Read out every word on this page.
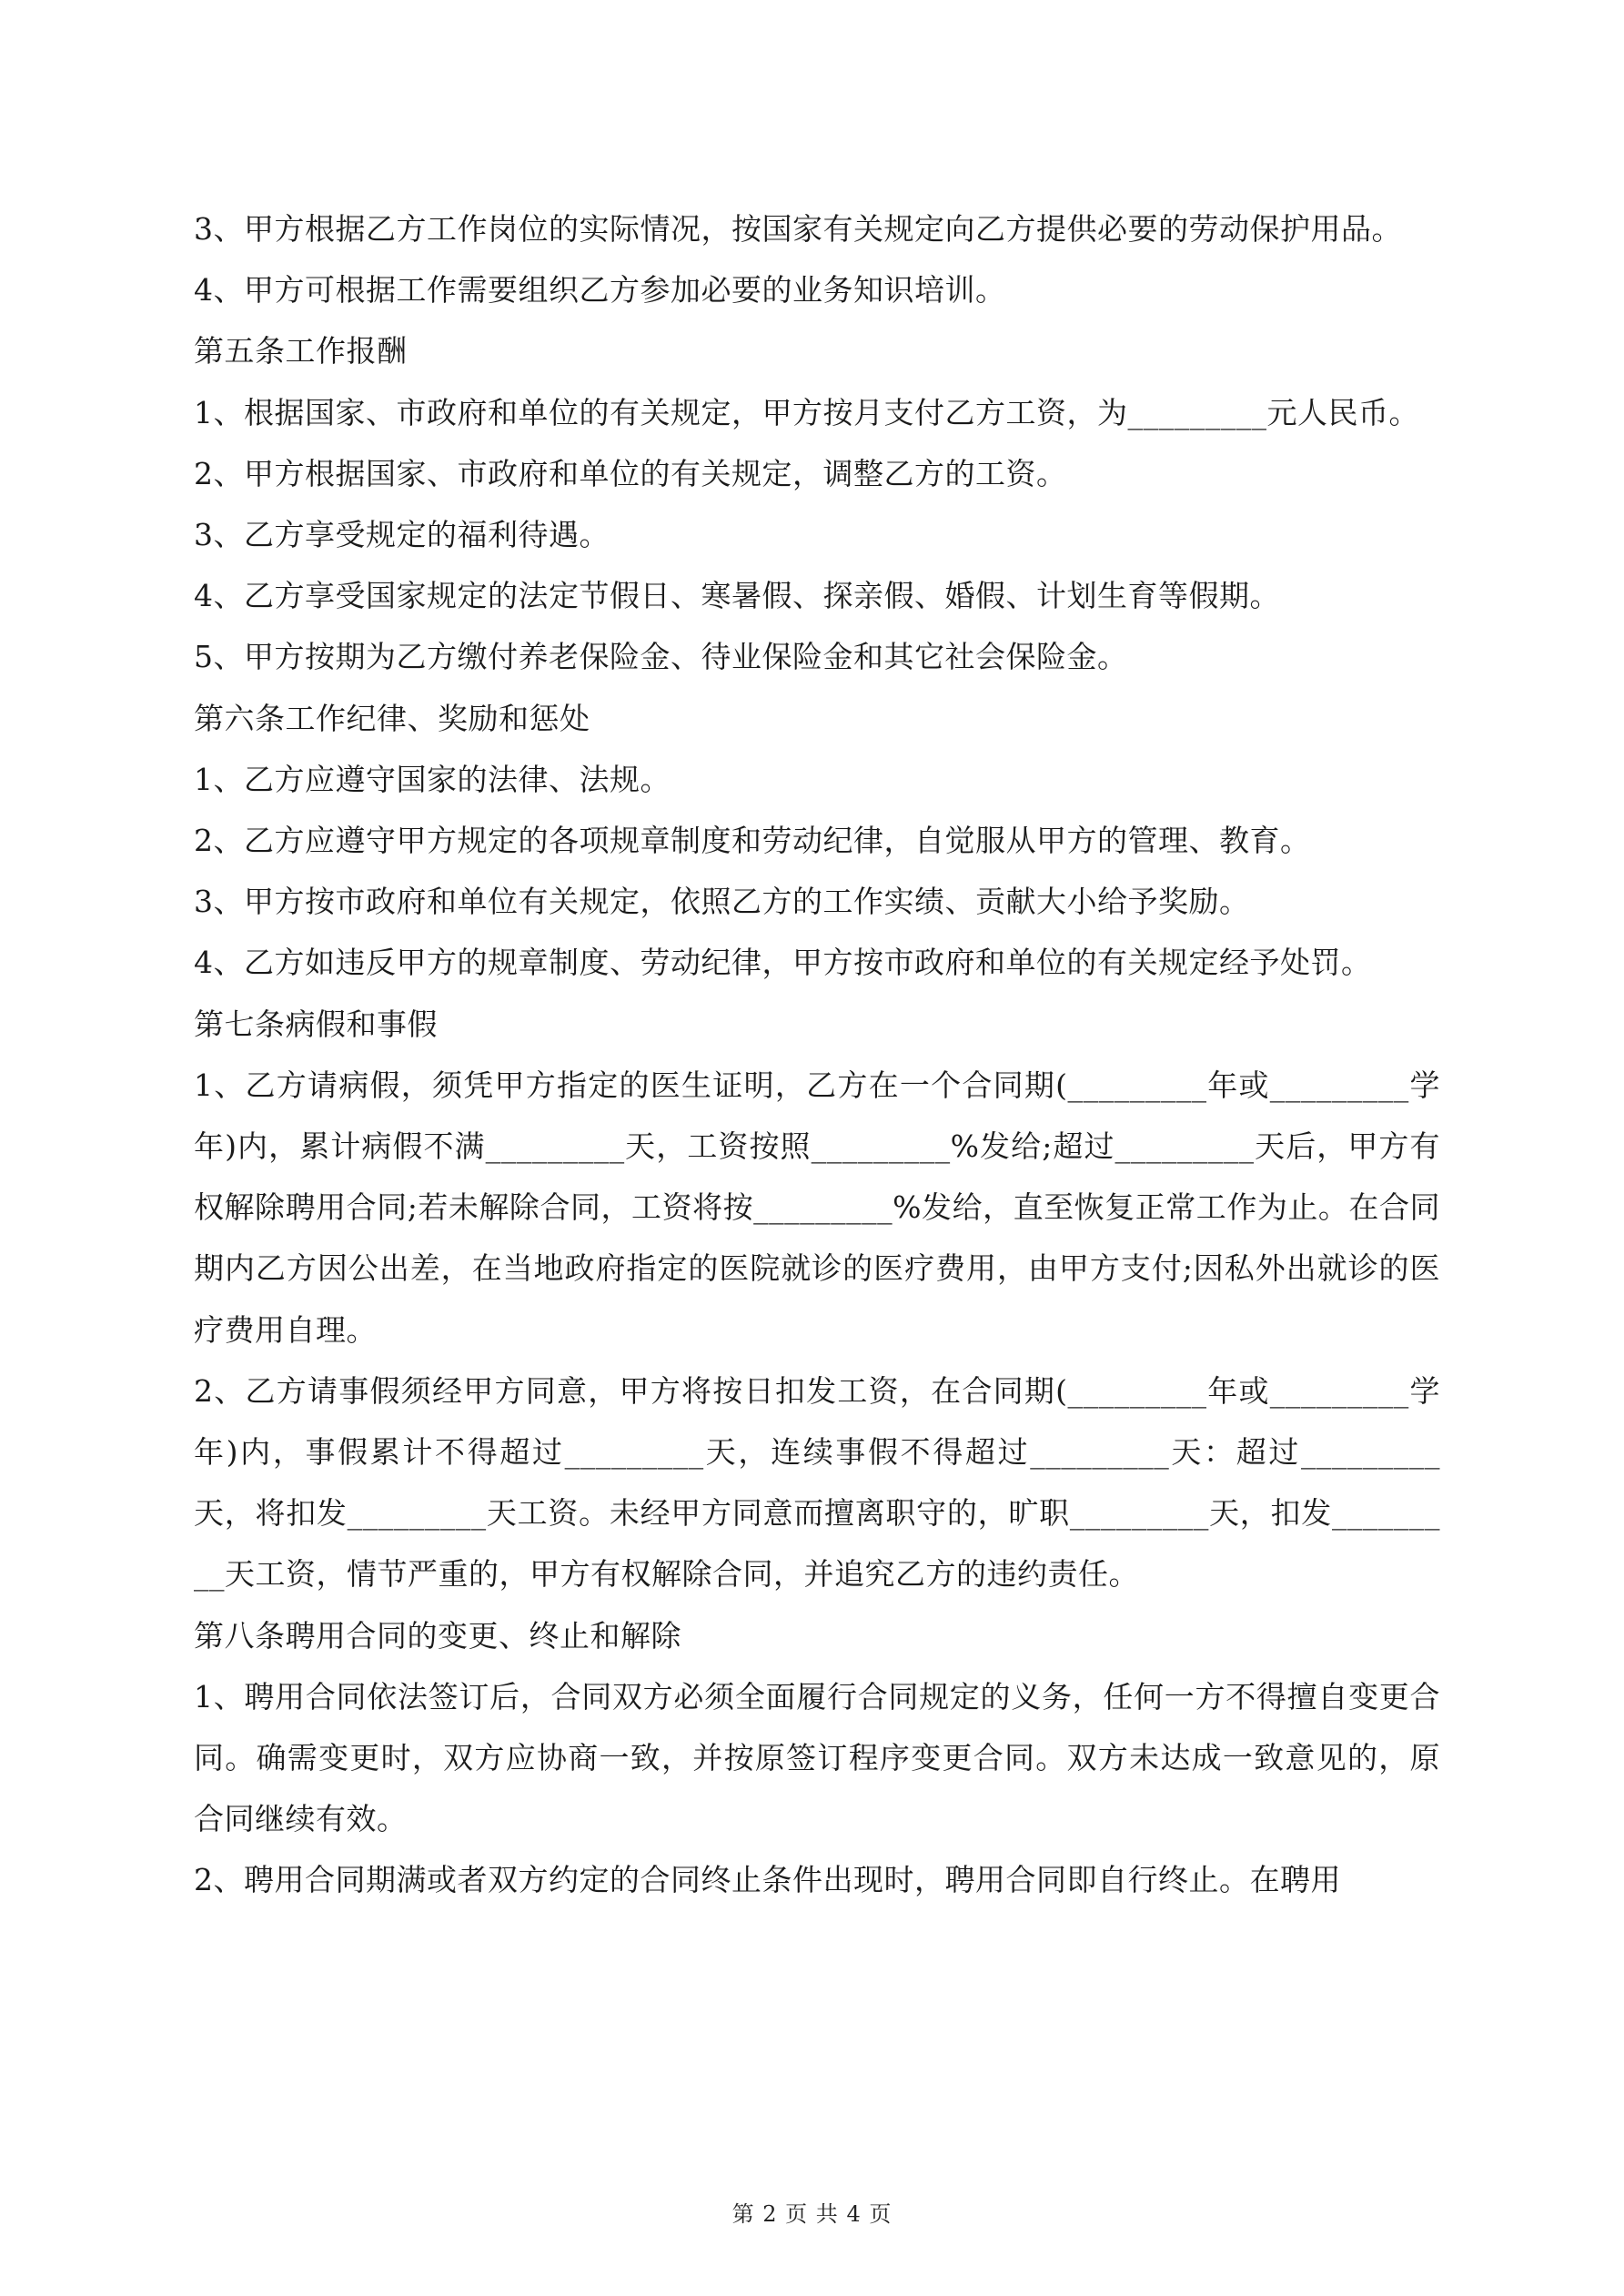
3、甲方根据乙方工作岗位的实际情况，按国家有关规定向乙方提供必要的劳动保护用品。

4、甲方可根据工作需要组织乙方参加必要的业务知识培训。

第五条工作报酬

1、根据国家、市政府和单位的有关规定，甲方按月支付乙方工资，为_________元人民币。

2、甲方根据国家、市政府和单位的有关规定，调整乙方的工资。

3、乙方享受规定的福利待遇。

4、乙方享受国家规定的法定节假日、寒暑假、探亲假、婚假、计划生育等假期。

5、甲方按期为乙方缴付养老保险金、待业保险金和其它社会保险金。

第六条工作纪律、奖励和惩处

1、乙方应遵守国家的法律、法规。

2、乙方应遵守甲方规定的各项规章制度和劳动纪律，自觉服从甲方的管理、教育。

3、甲方按市政府和单位有关规定，依照乙方的工作实绩、贡献大小给予奖励。

4、乙方如违反甲方的规章制度、劳动纪律，甲方按市政府和单位的有关规定经予处罚。

第七条病假和事假

1、乙方请病假，须凭甲方指定的医生证明，乙方在一个合同期(_________年或_________学年)内，累计病假不满_________天，工资按照_________%发给;超过_________天后，甲方有权解除聘用合同;若未解除合同，工资将按_________%发给，直至恢复正常工作为止。在合同期内乙方因公出差，在当地政府指定的医院就诊的医疗费用，由甲方支付;因私外出就诊的医疗费用自理。

2、乙方请事假须经甲方同意，甲方将按日扣发工资，在合同期(_________年或_________学年)内，事假累计不得超过_________天，连续事假不得超过_________天：超过_________天，将扣发_________天工资。未经甲方同意而擅离职守的，旷职_________天，扣发_________天工资，情节严重的，甲方有权解除合同，并追究乙方的违约责任。

第八条聘用合同的变更、终止和解除

1、聘用合同依法签订后，合同双方必须全面履行合同规定的义务，任何一方不得擅自变更合同。确需变更时，双方应协商一致，并按原签订程序变更合同。双方未达成一致意见的，原合同继续有效。

2、聘用合同期满或者双方约定的合同终止条件出现时，聘用合同即自行终止。在聘用

第 2 页 共 4 页
